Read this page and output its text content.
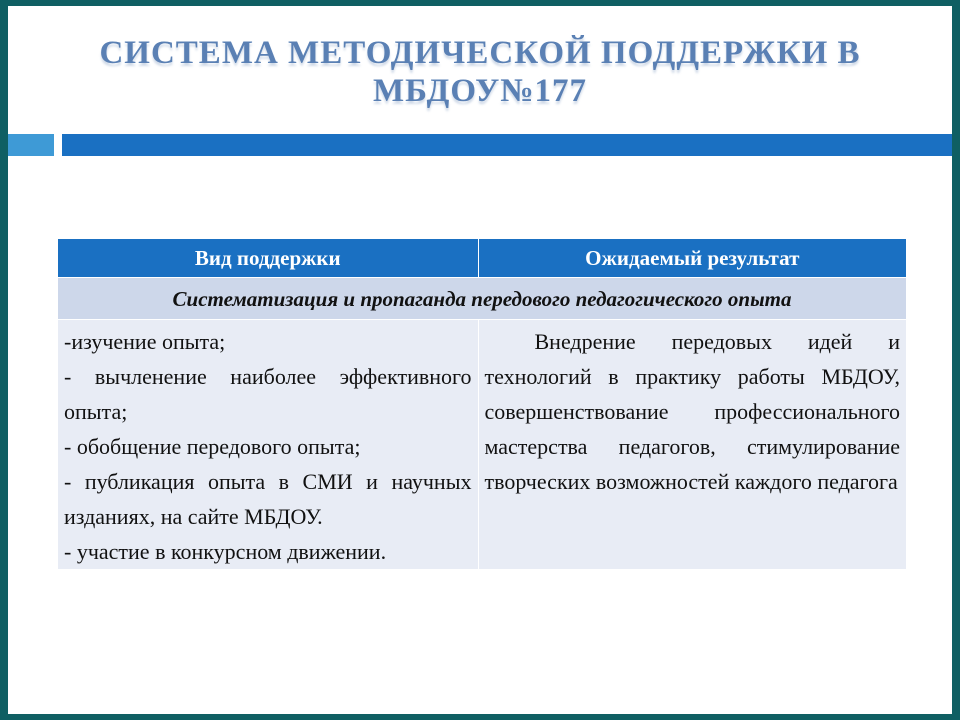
СИСТЕМА МЕТОДИЧЕСКОЙ ПОДДЕРЖКИ В
МБДОУ№177
Вид поддержки	Ожидаемый результат
Систематизация и пропаганда передового педагогического опыта	

-изучение опыта;
- вычленение наиболее эффективного опыта;
- обобщение передового опыта;
- публикация опыта в СМИ и научных изданиях, на сайте МБДОУ.
- участие в конкурсном движении.	Внедрение передовых идей и технологий в практику работы МБДОУ, совершенствование профессионального мастерства педагогов, стимулирование творческих возможностей каждого педагога
